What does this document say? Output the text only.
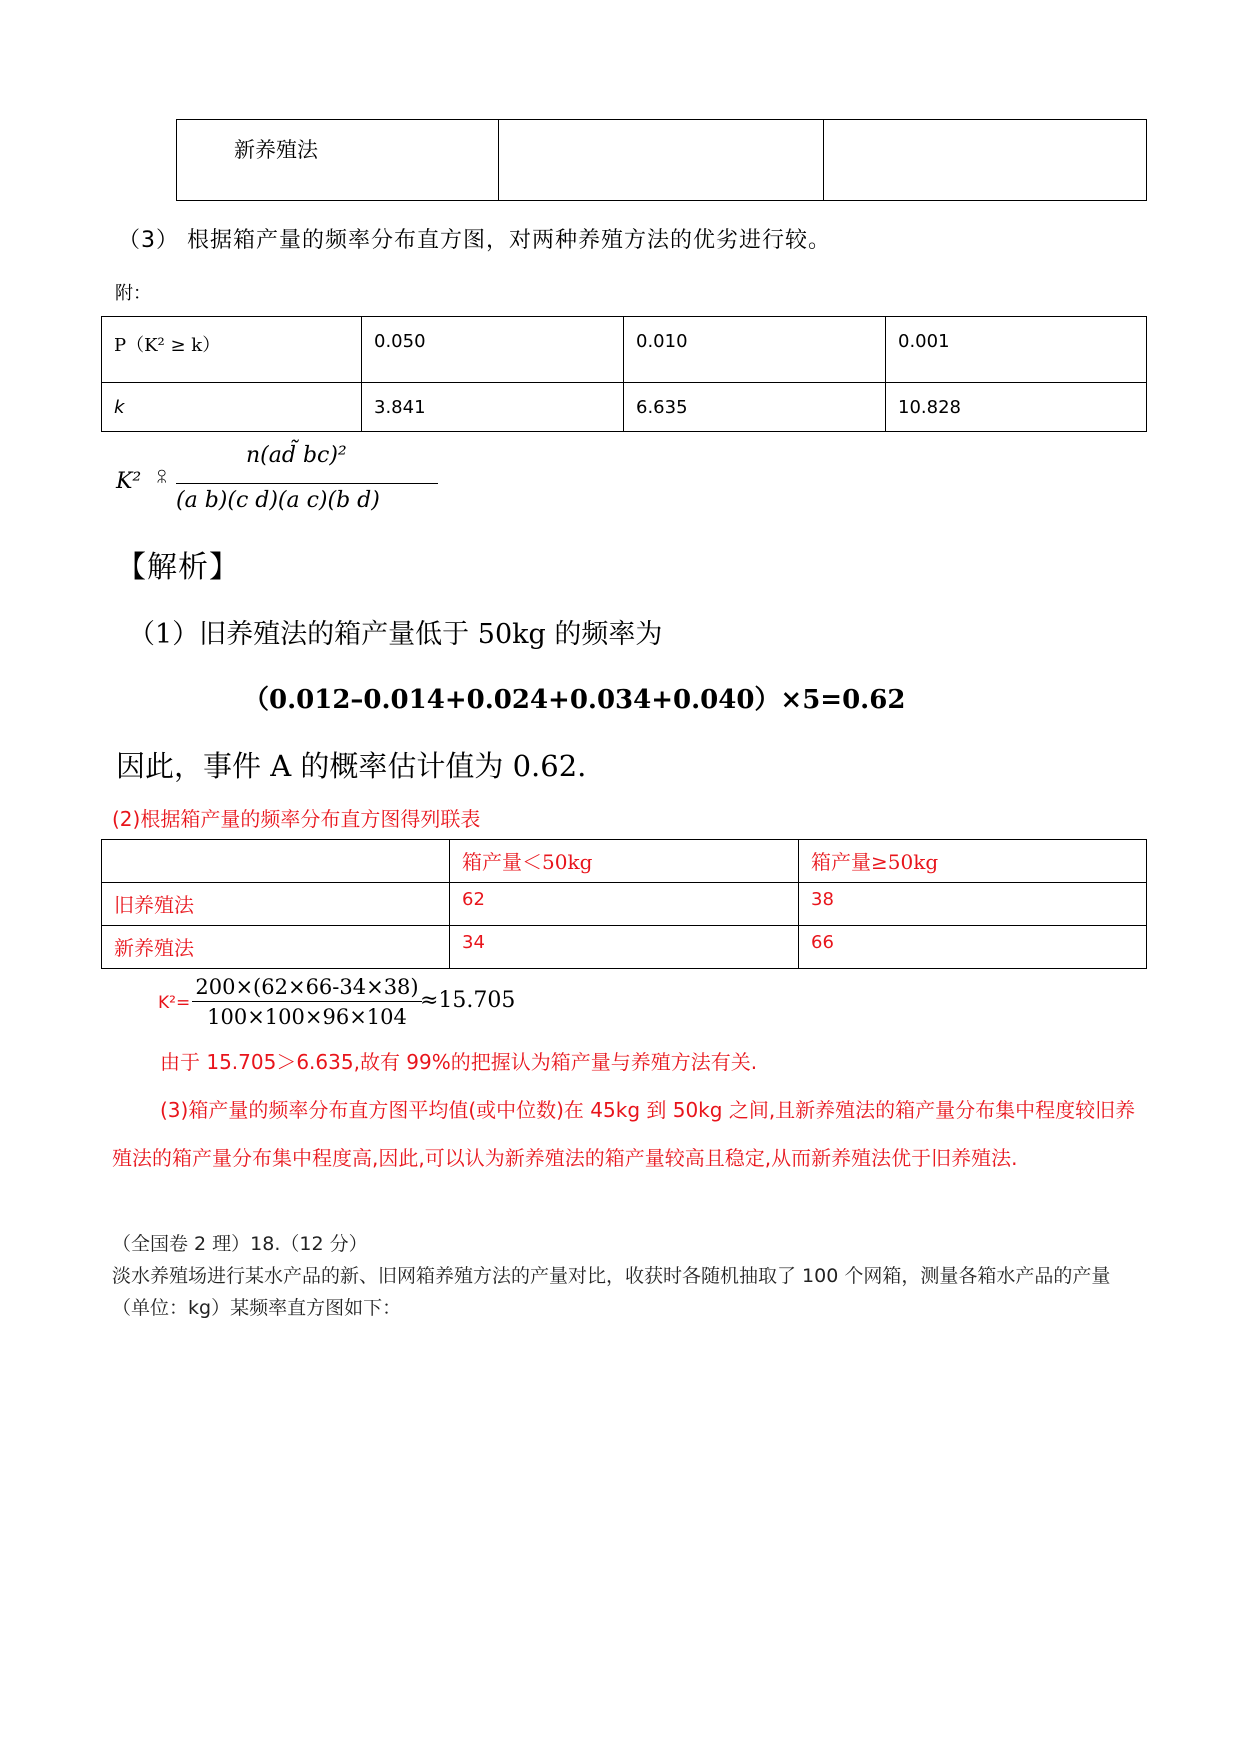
新养殖法		
（3） 根据箱产量的频率分布直方图，对两种养殖方法的优劣进行较。
附：
P（K² ≥ k）	0.050	0.010	0.001
k	3.841	6.635	10.828
K² ꈸ
n(ad̃ bc)²
(a b)(c d)(a c)(b d)
【解析】
（1）旧养殖法的箱产量低于 50kg 的频率为
（0.012–0.014+0.024+0.034+0.040）×5=0.62
因此，事件 A 的概率估计值为 0.62.
(2)根据箱产量的频率分布直方图得列联表
	箱产量＜50kg	箱产量≥50kg
旧养殖法	62	38
新养殖法	34	66
$K^2= \frac{200\times(62\times 66-34\times 38)}{100\times 100\times 96\times 104}$
≈15.705
由于 15.705＞6.635,故有 99%的把握认为箱产量与养殖方法有关.
(3)箱产量的频率分布直方图平均值(或中位数)在 45kg 到 50kg 之间,且新养殖法的箱产量分布集中程度较旧养殖法的箱产量分布集中程度高,因此,可以认为新养殖法的箱产量较高且稳定,从而新养殖法优于旧养殖法.
（全国卷 2 理）18.（12 分）
淡水养殖场进行某水产品的新、旧网箱养殖方法的产量对比，收获时各随机抽取了 100 个网箱，测量各箱水产品的产量（单位：kg）某频率直方图如下：
